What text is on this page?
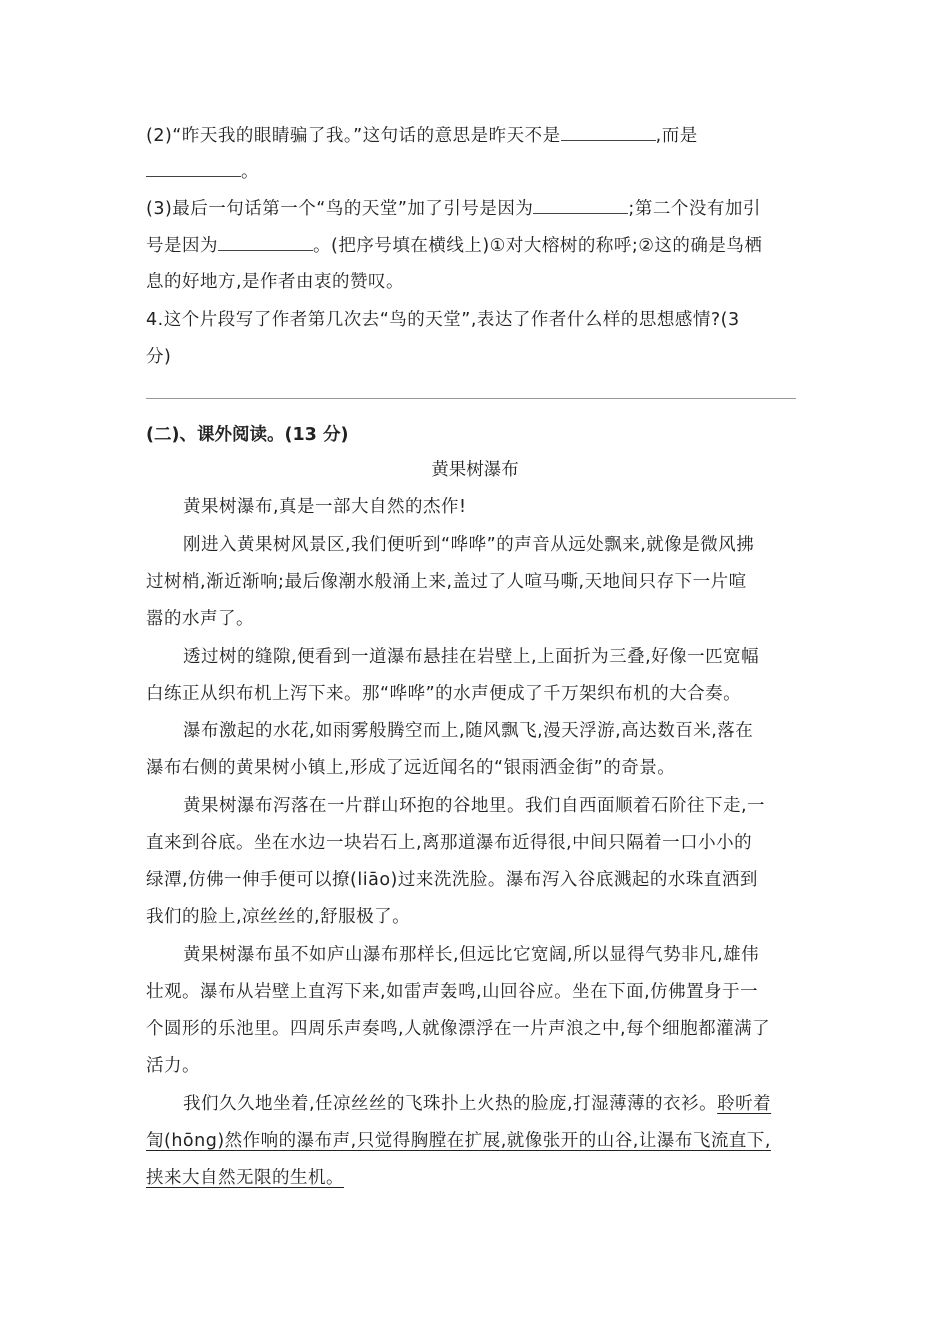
(2)“昨天我的眼睛骗了我。”这句话的意思是昨天不是	,而是
。
(3)最后一句话第一个“鸟的天堂”加了引号是因为	;第二个没有加引
号是因为	。(把序号填在横线上)①对大榕树的称呼;②这的确是鸟栖
息的好地方,是作者由衷的赞叹。
4.这个片段写了作者第几次去“鸟的天堂”,表达了作者什么样的思想感情?(3
分)
(二)、课外阅读。(13 分)
黄果树瀑布
黄果树瀑布,真是一部大自然的杰作!
刚进入黄果树风景区,我们便听到“哗哗”的声音从远处飘来,就像是微风拂
过树梢,渐近渐响;最后像潮水般涌上来,盖过了人喧马嘶,天地间只存下一片喧
嚣的水声了。
透过树的缝隙,便看到一道瀑布悬挂在岩壁上,上面折为三叠,好像一匹宽幅
白练正从织布机上泻下来。那“哗哗”的水声便成了千万架织布机的大合奏。
瀑布激起的水花,如雨雾般腾空而上,随风飘飞,漫天浮游,高达数百米,落在
瀑布右侧的黄果树小镇上,形成了远近闻名的“银雨洒金街”的奇景。
黄果树瀑布泻落在一片群山环抱的谷地里。我们自西面顺着石阶往下走,一
直来到谷底。坐在水边一块岩石上,离那道瀑布近得很,中间只隔着一口小小的
绿潭,仿佛一伸手便可以撩(liāo)过来洗洗脸。瀑布泻入谷底溅起的水珠直洒到
我们的脸上,凉丝丝的,舒服极了。
黄果树瀑布虽不如庐山瀑布那样长,但远比它宽阔,所以显得气势非凡,雄伟
壮观。瀑布从岩壁上直泻下来,如雷声轰鸣,山回谷应。坐在下面,仿佛置身于一
个圆形的乐池里。四周乐声奏鸣,人就像漂浮在一片声浪之中,每个细胞都灌满了
活力。
我们久久地坐着,任凉丝丝的飞珠扑上火热的脸庞,打湿薄薄的衣衫。聆听着
訇(hōng)然作响的瀑布声,只觉得胸膛在扩展,就像张开的山谷,让瀑布飞流直下,
挟来大自然无限的生机。
